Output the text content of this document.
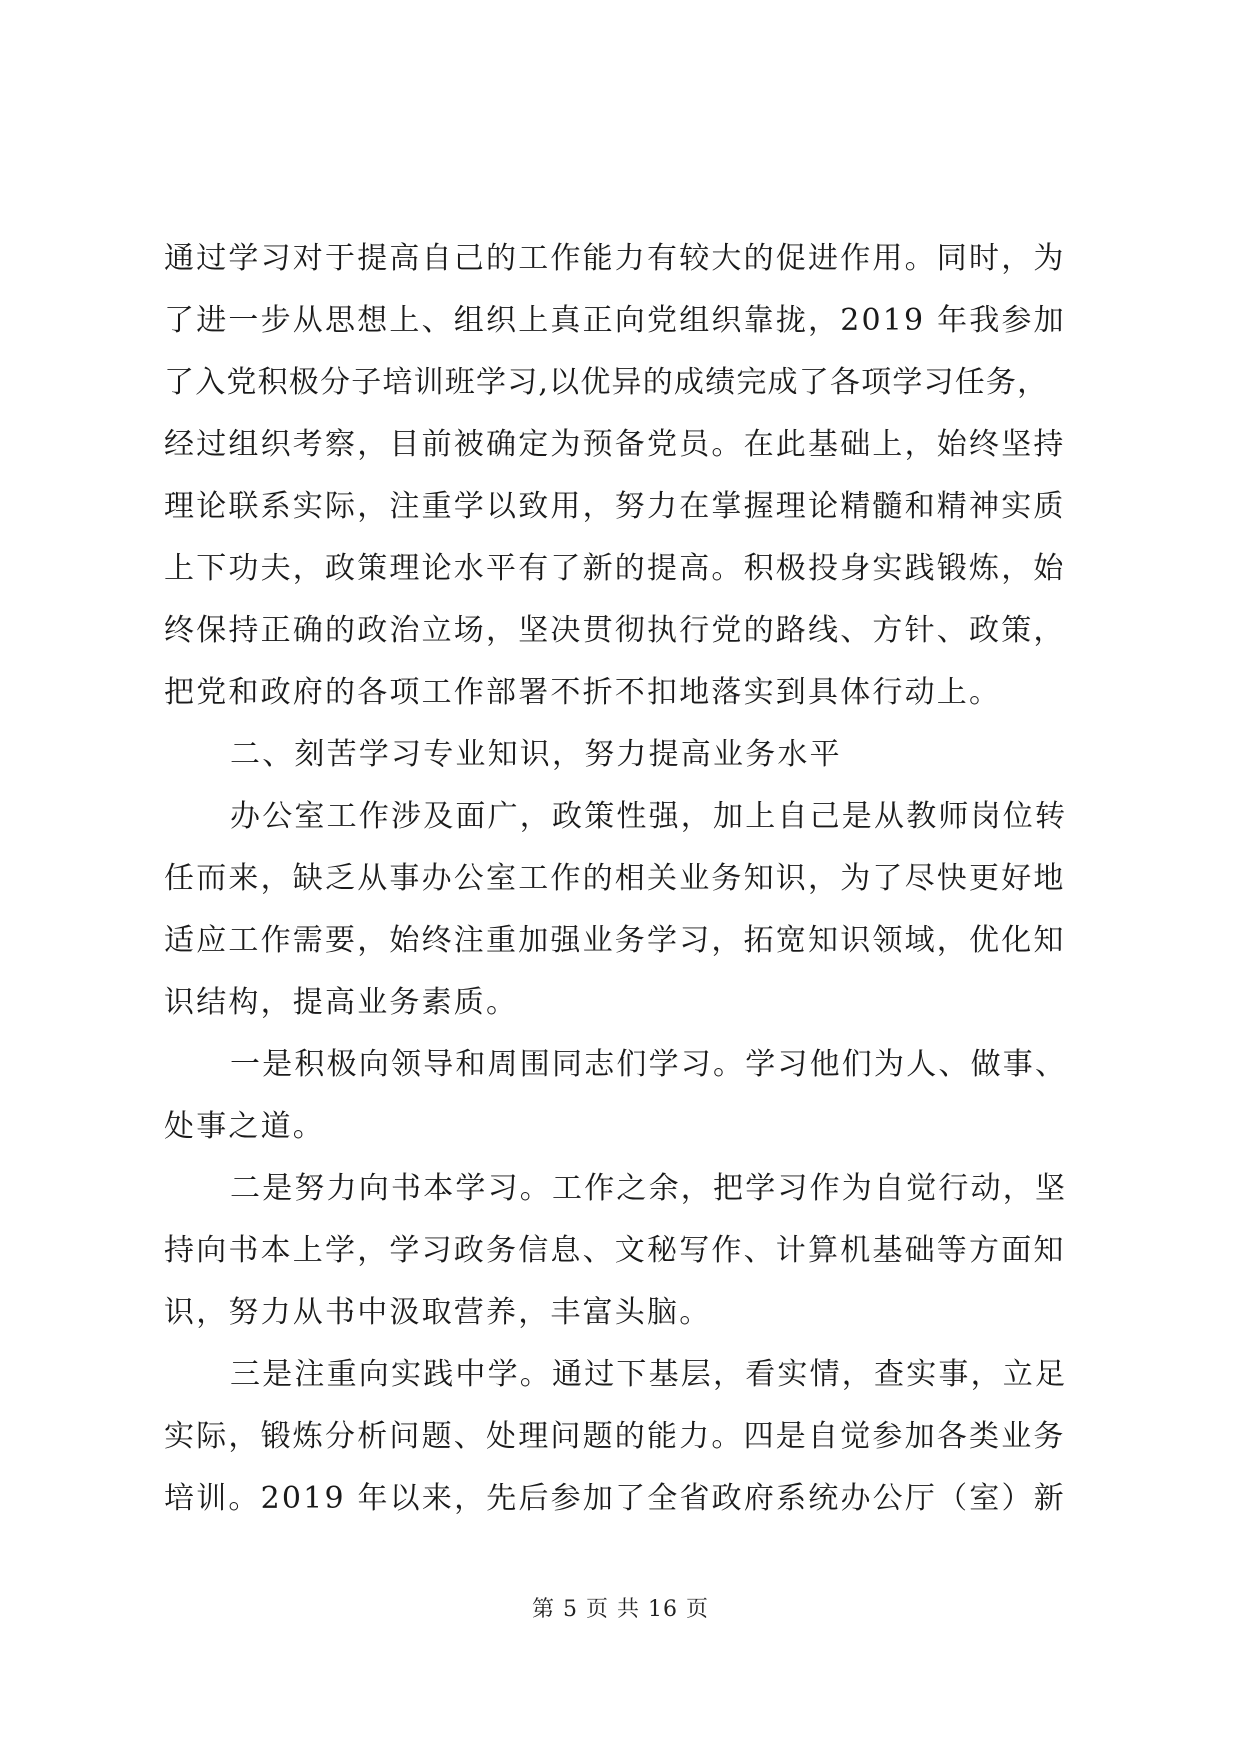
通过学习对于提高自己的工作能力有较大的促进作用。同时，为
了进一步从思想上、组织上真正向党组织靠拢，2019 年我参加
了入党积极分子培训班学习,以优异的成绩完成了各项学习任务，
经过组织考察，目前被确定为预备党员。在此基础上，始终坚持
理论联系实际，注重学以致用，努力在掌握理论精髓和精神实质
上下功夫，政策理论水平有了新的提高。积极投身实践锻炼，始
终保持正确的政治立场，坚决贯彻执行党的路线、方针、政策，
把党和政府的各项工作部署不折不扣地落实到具体行动上。
二、刻苦学习专业知识，努力提高业务水平
办公室工作涉及面广，政策性强，加上自己是从教师岗位转
任而来，缺乏从事办公室工作的相关业务知识，为了尽快更好地
适应工作需要，始终注重加强业务学习，拓宽知识领域，优化知
识结构，提高业务素质。
一是积极向领导和周围同志们学习。学习他们为人、做事、
处事之道。
二是努力向书本学习。工作之余，把学习作为自觉行动，坚
持向书本上学，学习政务信息、文秘写作、计算机基础等方面知
识，努力从书中汲取营养，丰富头脑。
三是注重向实践中学。通过下基层，看实情，查实事，立足
实际，锻炼分析问题、处理问题的能力。四是自觉参加各类业务
培训。2019 年以来，先后参加了全省政府系统办公厅（室）新
第 5 页 共 16 页
